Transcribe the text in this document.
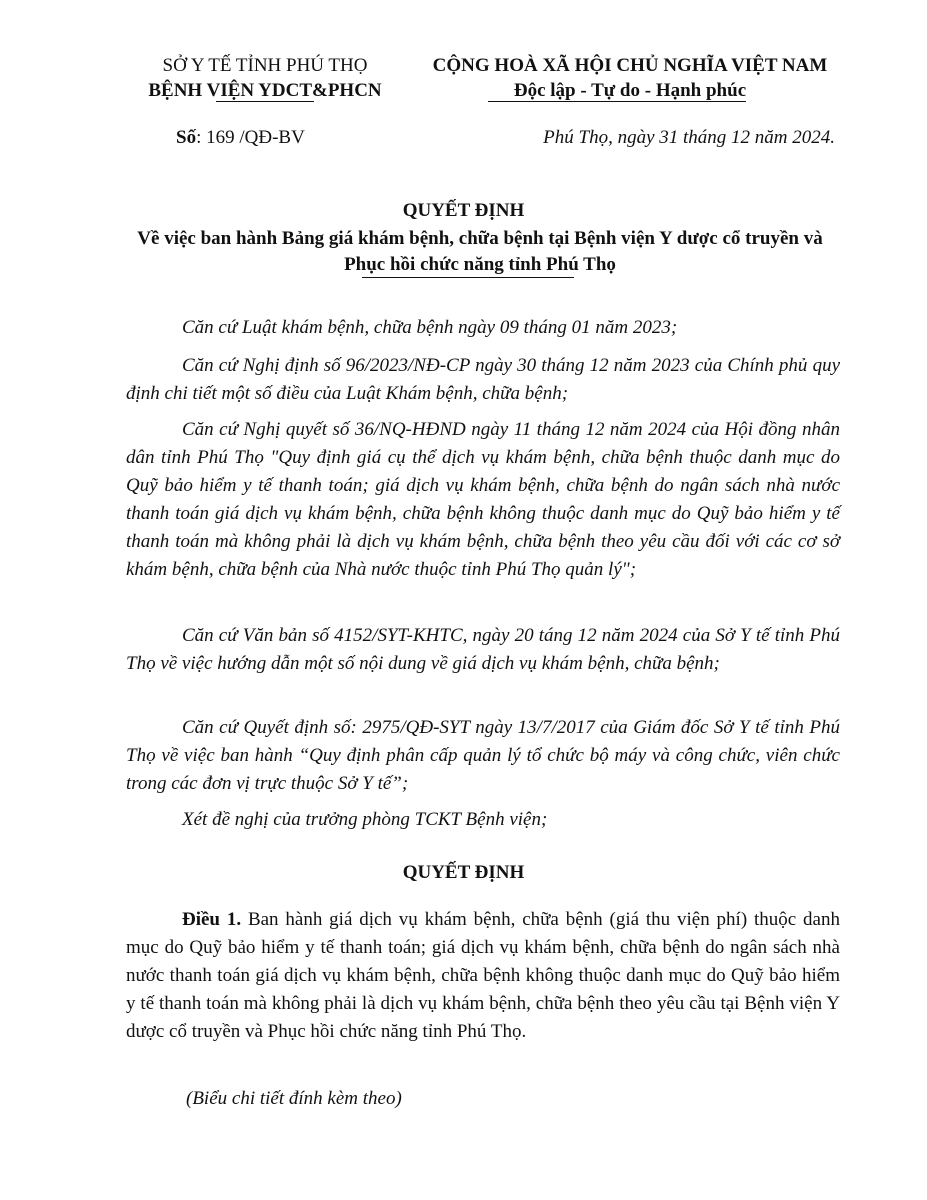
SỞ Y TẾ TỈNH PHÚ THỌ
BỆNH VIỆN YDCT&PHCN
CỘNG HOÀ XÃ HỘI CHỦ NGHĨA VIỆT NAM
Độc lập - Tự do - Hạnh phúc
Số: 169 /QĐ-BV	Phú Thọ, ngày 31 tháng 12 năm 2024.
QUYẾT ĐỊNH
Về việc ban hành Bảng giá khám bệnh, chữa bệnh tại Bệnh viện Y dược cổ truyền và Phục hồi chức năng tỉnh Phú Thọ
Căn cứ Luật khám bệnh, chữa bệnh ngày 09 tháng 01 năm 2023;
Căn cứ Nghị định số 96/2023/NĐ-CP ngày 30 tháng 12 năm 2023 của Chính phủ quy định chi tiết một số điều của Luật Khám bệnh, chữa bệnh;
Căn cứ Nghị quyết số 36/NQ-HĐND ngày 11 tháng 12 năm 2024 của Hội đồng nhân dân tỉnh Phú Thọ "Quy định giá cụ thể dịch vụ khám bệnh, chữa bệnh thuộc danh mục do Quỹ bảo hiểm y tế thanh toán; giá dịch vụ khám bệnh, chữa bệnh do ngân sách nhà nước thanh toán giá dịch vụ khám bệnh, chữa bệnh không thuộc danh mục do Quỹ bảo hiểm y tế thanh toán mà không phải là dịch vụ khám bệnh, chữa bệnh theo yêu cầu đối với các cơ sở khám bệnh, chữa bệnh của Nhà nước thuộc tỉnh Phú Thọ quản lý";
Căn cứ Văn bản số 4152/SYT-KHTC, ngày 20 táng 12 năm 2024 của Sở Y tế tỉnh Phú Thọ về việc hướng dẫn một số nội dung về giá dịch vụ khám bệnh, chữa bệnh;
Căn cứ Quyết định số: 2975/QĐ-SYT ngày 13/7/2017 của Giám đốc Sở Y tế tỉnh Phú Thọ về việc ban hành “Quy định phân cấp quản lý tổ chức bộ máy và công chức, viên chức trong các đơn vị trực thuộc Sở Y tế”;
Xét đề nghị của trưởng phòng TCKT Bệnh viện;
QUYẾT ĐỊNH
Điều 1. Ban hành giá dịch vụ khám bệnh, chữa bệnh (giá thu viện phí) thuộc danh mục do Quỹ bảo hiểm y tế thanh toán; giá dịch vụ khám bệnh, chữa bệnh do ngân sách nhà nước thanh toán giá dịch vụ khám bệnh, chữa bệnh không thuộc danh mục do Quỹ bảo hiểm y tế thanh toán mà không phải là dịch vụ khám bệnh, chữa bệnh theo yêu cầu tại Bệnh viện Y dược cổ truyền và Phục hồi chức năng tỉnh Phú Thọ.
(Biểu chi tiết đính kèm theo)
